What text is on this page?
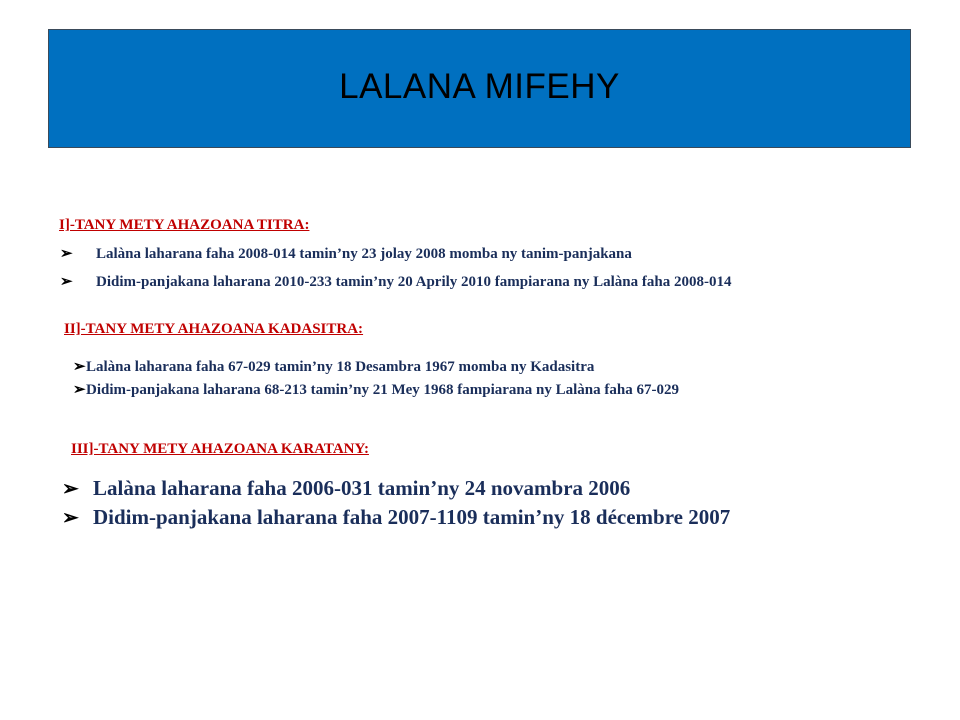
LALANA MIFEHY
I]-TANY METY AHAZOANA TITRA:
➢ Lalàna laharana faha 2008-014 tamin’ny 23 jolay 2008 momba ny tanim-panjakana
➢ Didim-panjakana laharana 2010-233 tamin’ny 20 Aprily 2010 fampiarana ny Lalàna faha 2008-014
II]-TANY METY AHAZOANA KADASITRA:
➢Lalàna laharana faha 67-029 tamin’ny 18 Desambra 1967 momba ny Kadasitra
➢Didim-panjakana laharana 68-213 tamin’ny 21 Mey 1968 fampiarana ny Lalàna faha 67-029
III]-TANY METY AHAZOANA KARATANY:
➢ Lalàna laharana faha 2006-031 tamin’ny 24 novambra 2006
➢ Didim-panjakana laharana faha 2007-1109 tamin’ny 18 décembre 2007
